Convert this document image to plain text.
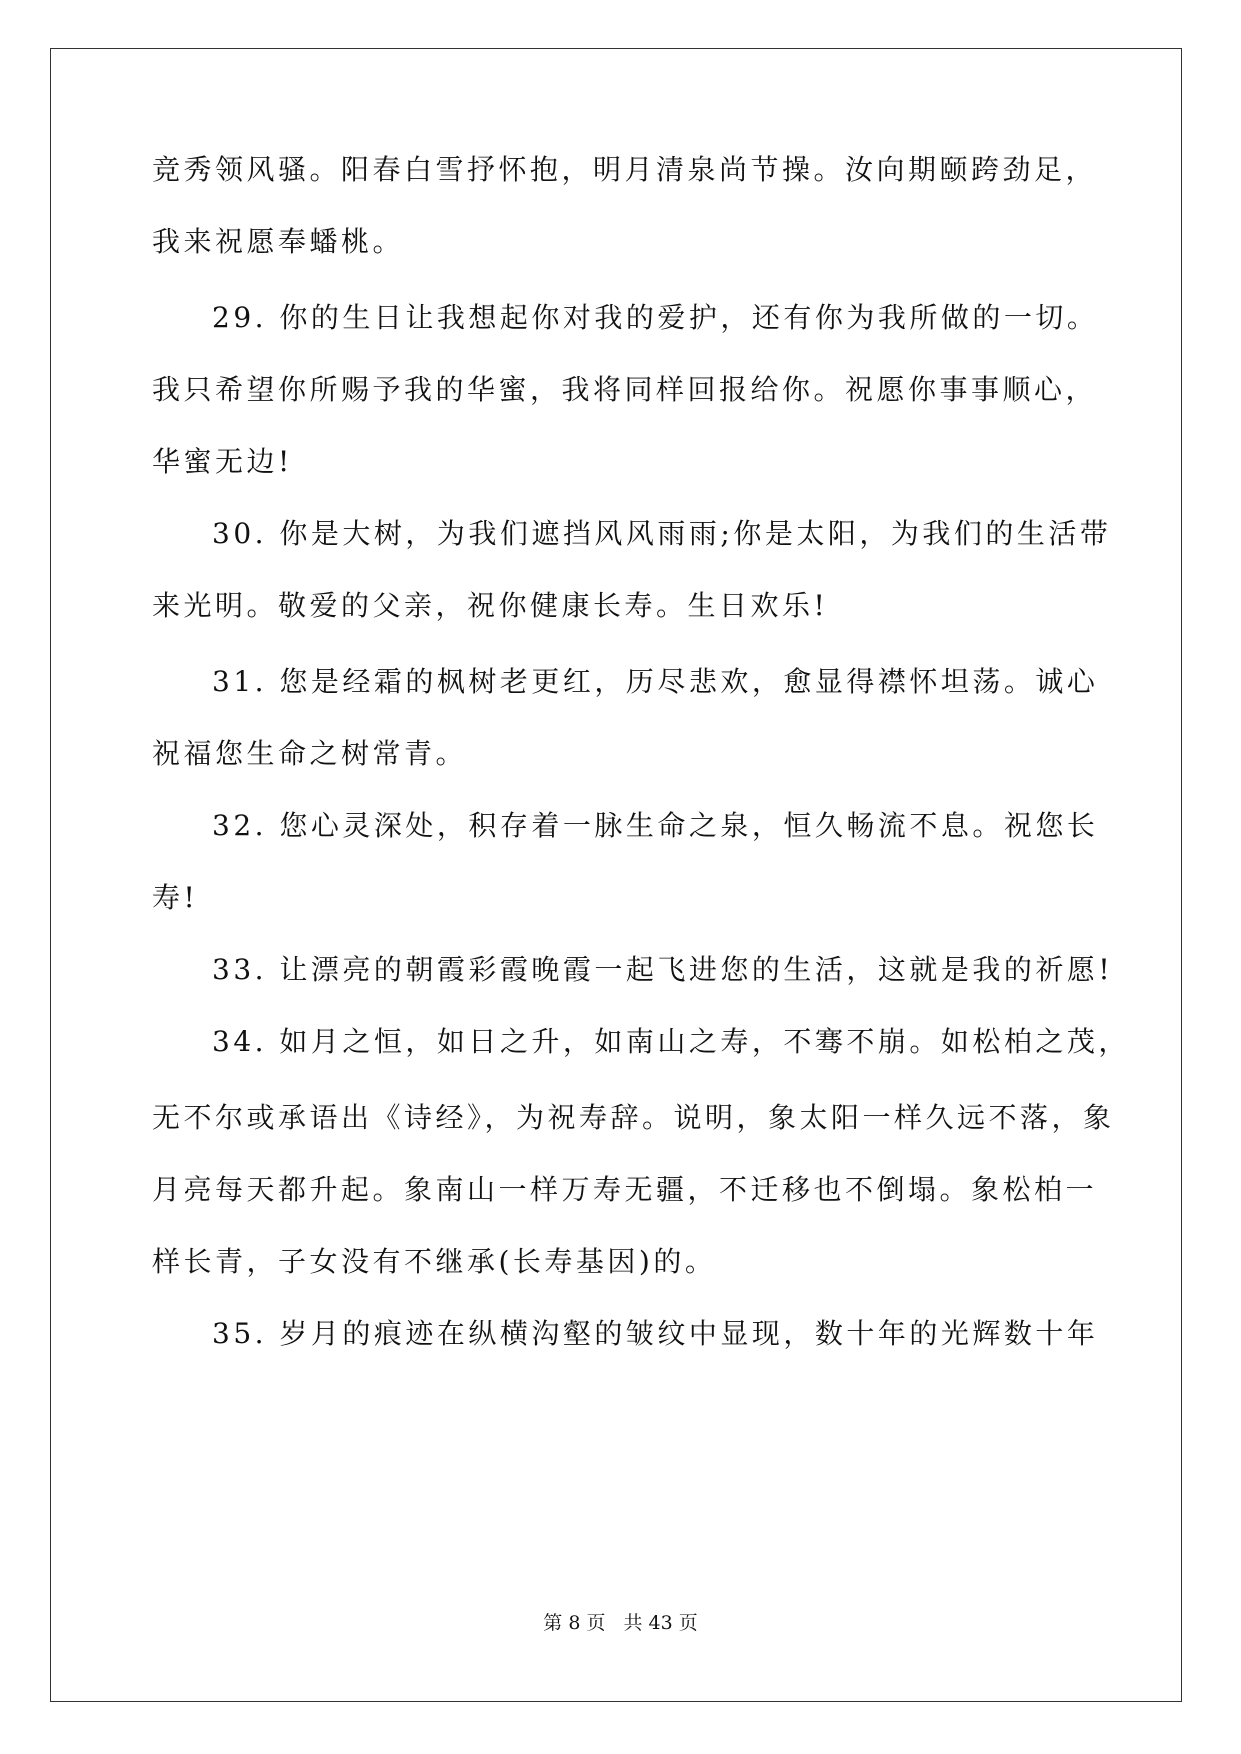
竞秀领风骚。阳春白雪抒怀抱，明月清泉尚节操。汝向期颐跨劲足，
我来祝愿奉蟠桃。
29. 你的生日让我想起你对我的爱护，还有你为我所做的一切。
我只希望你所赐予我的华蜜，我将同样回报给你。祝愿你事事顺心，
华蜜无边!
30. 你是大树，为我们遮挡风风雨雨;你是太阳，为我们的生活带
来光明。敬爱的父亲，祝你健康长寿。生日欢乐!
31. 您是经霜的枫树老更红，历尽悲欢，愈显得襟怀坦荡。诚心
祝福您生命之树常青。
32. 您心灵深处，积存着一脉生命之泉，恒久畅流不息。祝您长
寿!
33. 让漂亮的朝霞彩霞晚霞一起飞进您的生活，这就是我的祈愿!
34. 如月之恒，如日之升，如南山之寿，不骞不崩。如松柏之茂，
无不尔或承语出《诗经》，为祝寿辞。说明，象太阳一样久远不落，象
月亮每天都升起。象南山一样万寿无疆，不迁移也不倒塌。象松柏一
样长青，子女没有不继承(长寿基因)的。
35. 岁月的痕迹在纵横沟壑的皱纹中显现，数十年的光辉数十年
第 8 页 共 43 页
